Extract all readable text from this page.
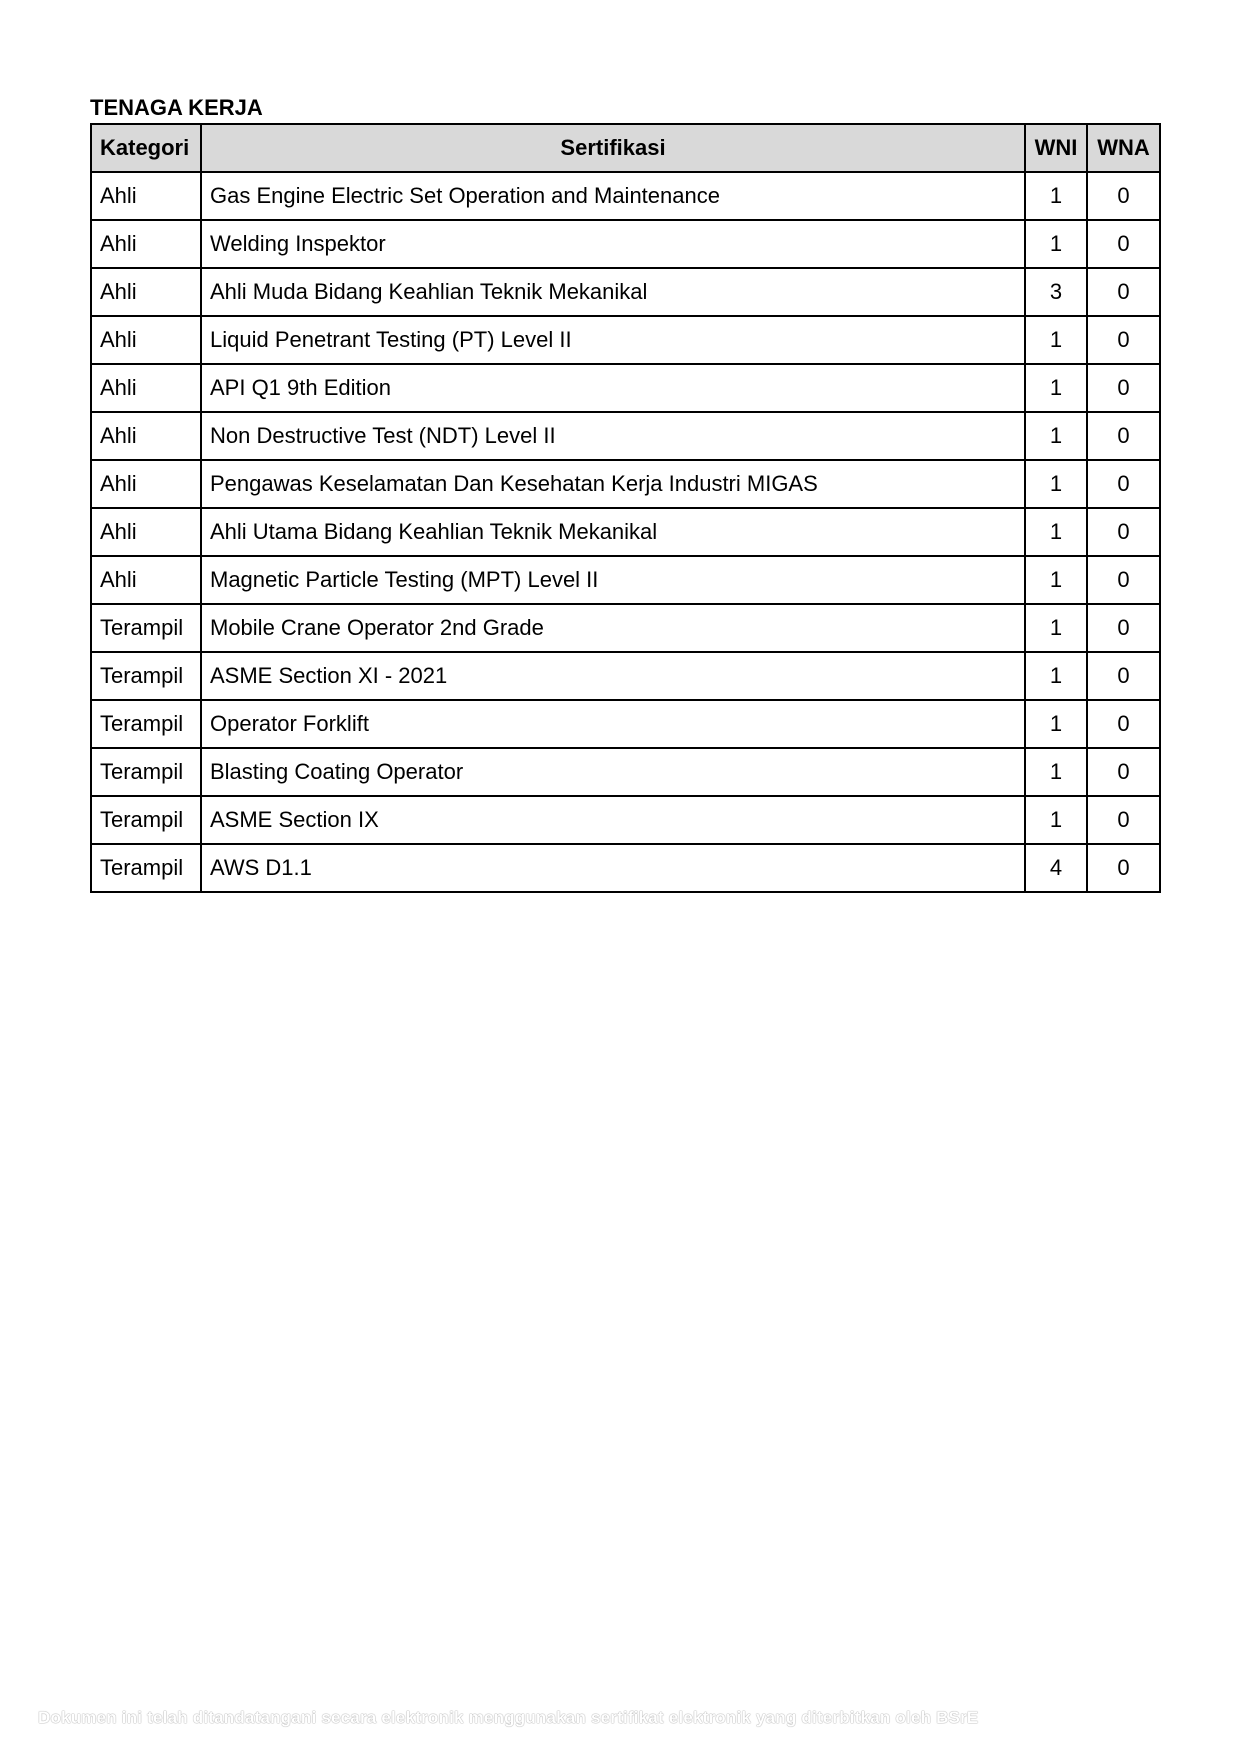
TENAGA KERJA
Kategori	Sertifikasi	WNI	WNA
Ahli	Gas Engine Electric Set Operation and Maintenance	1	0
Ahli	Welding Inspektor	1	0
Ahli	Ahli Muda Bidang Keahlian Teknik Mekanikal	3	0
Ahli	Liquid Penetrant Testing (PT) Level II	1	0
Ahli	API Q1 9th Edition	1	0
Ahli	Non Destructive Test (NDT) Level II	1	0
Ahli	Pengawas Keselamatan Dan Kesehatan Kerja Industri MIGAS	1	0
Ahli	Ahli Utama Bidang Keahlian Teknik Mekanikal	1	0
Ahli	Magnetic Particle Testing (MPT) Level II	1	0
Terampil	Mobile Crane Operator 2nd Grade	1	0
Terampil	ASME Section XI - 2021	1	0
Terampil	Operator Forklift	1	0
Terampil	Blasting Coating Operator	1	0
Terampil	ASME Section IX	1	0
Terampil	AWS D1.1	4	0
Dokumen ini telah ditandatangani secara elektronik menggunakan sertifikat elektronik yang diterbitkan oleh BSrE
